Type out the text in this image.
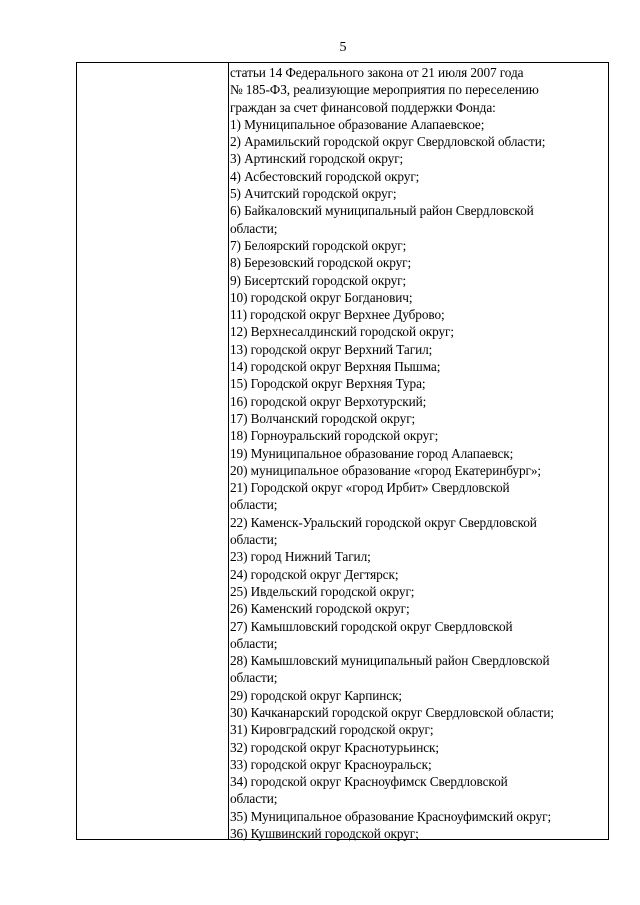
5
статьи 14 Федерального закона от 21 июля 2007 года
№ 185-ФЗ, реализующие мероприятия по переселению
граждан за счет финансовой поддержки Фонда:
1) Муниципальное образование Алапаевское;
2) Арамильский городской округ Свердловской области;
3) Артинский городской округ;
4) Асбестовский городской округ;
5) Ачитский городской округ;
6) Байкаловский муниципальный район Свердловской
области;
7) Белоярский городской округ;
8) Березовский городской округ;
9) Бисертский городской округ;
10) городской округ Богданович;
11) городской округ Верхнее Дуброво;
12) Верхнесалдинский городской округ;
13) городской округ Верхний Тагил;
14) городской округ Верхняя Пышма;
15) Городской округ Верхняя Тура;
16) городской округ Верхотурский;
17) Волчанский городской округ;
18) Горноуральский городской округ;
19) Муниципальное образование город Алапаевск;
20) муниципальное образование «город Екатеринбург»;
21) Городской округ «город Ирбит» Свердловской
области;
22) Каменск-Уральский городской округ Свердловской
области;
23) город Нижний Тагил;
24) городской округ Дегтярск;
25) Ивдельский городской округ;
26) Каменский городской округ;
27) Камышловский городской округ Свердловской
области;
28) Камышловский муниципальный район Свердловской
области;
29) городской округ Карпинск;
30) Качканарский городской округ Свердловской области;
31) Кировградский городской округ;
32) городской округ Краснотурьинск;
33) городской округ Красноуральск;
34) городской округ Красноуфимск Свердловской
области;
35) Муниципальное образование Красноуфимский округ;
36) Кушвинский городской округ;
